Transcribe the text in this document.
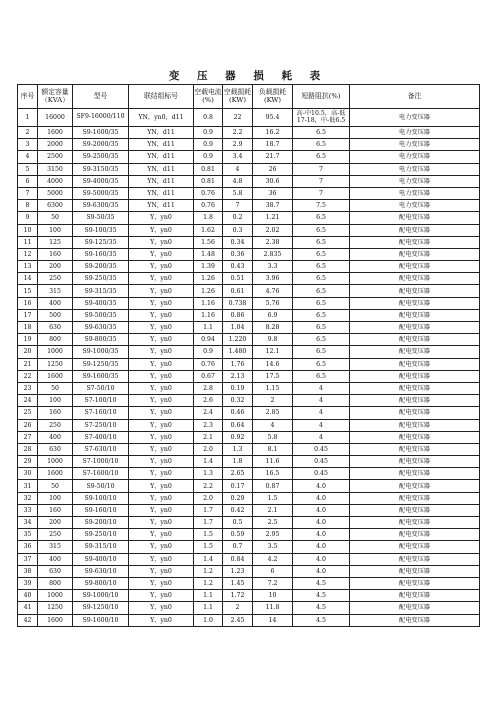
变 压 器 损 耗 表
序号	额定容量（KVA）	型号	联结组标号	空载电流(%)	空载损耗(KW)	负载损耗(KW)	短路阻抗(%)	备注
1	16000	SF9-16000/110	YN，yn0，d11	0.8	22	95.4	高-中10.5，高-低17-18，中-低6.5	电力变压器
2	1600	S9-1600/35	YN，d11	0.9	2.2	16.2	6.5	电力变压器
3	2000	S9-2000/35	YN，d11	0.9	2.9	18.7	6.5	电力变压器
4	2500	S9-2500/35	YN，d11	0.9	3.4	21.7	6.5	电力变压器
5	3150	S9-3150/35	YN，d11	0.81	4	26	7	电力变压器
6	4000	S9-4000/35	YN，d11	0.81	4.8	30.6	7	电力变压器
7	5000	S9-5000/35	YN，d11	0.76	5.8	36	7	电力变压器
8	6300	S9-6300/35	YN，d11	0.76	7	38.7	7.5	电力变压器
9	50	S9-50/35	Y，yn0	1.8	0.2	1.21	6.5	配电变压器
10	100	S9-100/35	Y，yn0	1.62	0.3	2.02	6.5	配电变压器
11	125	S9-125/35	Y，yn0	1.56	0.34	2.38	6.5	配电变压器
12	160	S9-160/35	Y，yn0	1.48	0.36	2.835	6.5	配电变压器
13	200	S9-200/35	Y，yn0	1.39	0.43	3.3	6.5	配电变压器
14	250	S9-250/35	Y，yn0	1.26	0.51	3.96	6.5	配电变压器
15	315	S9-315/35	Y，yn0	1.26	0.61	4.76	6.5	配电变压器
16	400	S9-400/35	Y，yn0	1.16	0.738	5.76	6.5	配电变压器
17	500	S9-500/35	Y，yn0	1.16	0.86	6.9	6.5	配电变压器
18	630	S9-630/35	Y，yn0	1.1	1.04	8.28	6.5	配电变压器
19	800	S9-800/35	Y，yn0	0.94	1.220	9.8	6.5	配电变压器
20	1000	S9-1000/35	Y，yn0	0.9	1.480	12.1	6.5	配电变压器
21	1250	S9-1250/35	Y，yn0	0.76	1.76	14.6	6.5	配电变压器
22	1600	S9-1600/35	Y，yn0	0.67	2.13	17.5	6.5	配电变压器
23	50	S7-50/10	Y，yn0	2.8	0.19	1.15	4	配电变压器
24	100	S7-100/10	Y，yn0	2.6	0.32	2	4	配电变压器
25	160	S7-160/10	Y，yn0	2.4	0.46	2.85	4	配电变压器
26	250	S7-250/10	Y，yn0	2.3	0.64	4	4	配电变压器
27	400	S7-400/10	Y，yn0	2.1	0.92	5.8	4	配电变压器
28	630	S7-630/10	Y，yn0	2.0	1.3	8.1	0.45	配电变压器
29	1000	S7-1000/10	Y，yn0	1.4	1.8	11.6	0.45	配电变压器
30	1600	S7-1600/10	Y，yn0	1.3	2.65	16.5	0.45	配电变压器
31	50	S9-50/10	Y，yn0	2.2	0.17	0.87	4.0	配电变压器
32	100	S9-100/10	Y，yn0	2.0	0.29	1.5	4.0	配电变压器
33	160	S9-160/10	Y，yn0	1.7	0.42	2.1	4.0	配电变压器
34	200	S9-200/10	Y，yn0	1.7	0.5	2.5	4.0	配电变压器
35	250	S9-250/10	Y，yn0	1.5	0.59	2.95	4.0	配电变压器
36	315	S9-315/10	Y，yn0	1.5	0.7	3.5	4.0	配电变压器
37	400	S9-400/10	Y，yn0	1.4	0.84	4.2	4.0	配电变压器
38	630	S9-630/10	Y，yn0	1.2	1.23	6	4.0	配电变压器
39	800	S9-800/10	Y，yn0	1.2	1.45	7.2	4.5	配电变压器
40	1000	S9-1000/10	Y，yn0	1.1	1.72	10	4.5	配电变压器
41	1250	S9-1250/10	Y，yn0	1.1	2	11.8	4.5	配电变压器
42	1600	S9-1600/10	Y，yn0	1.0	2.45	14	4.5	配电变压器
